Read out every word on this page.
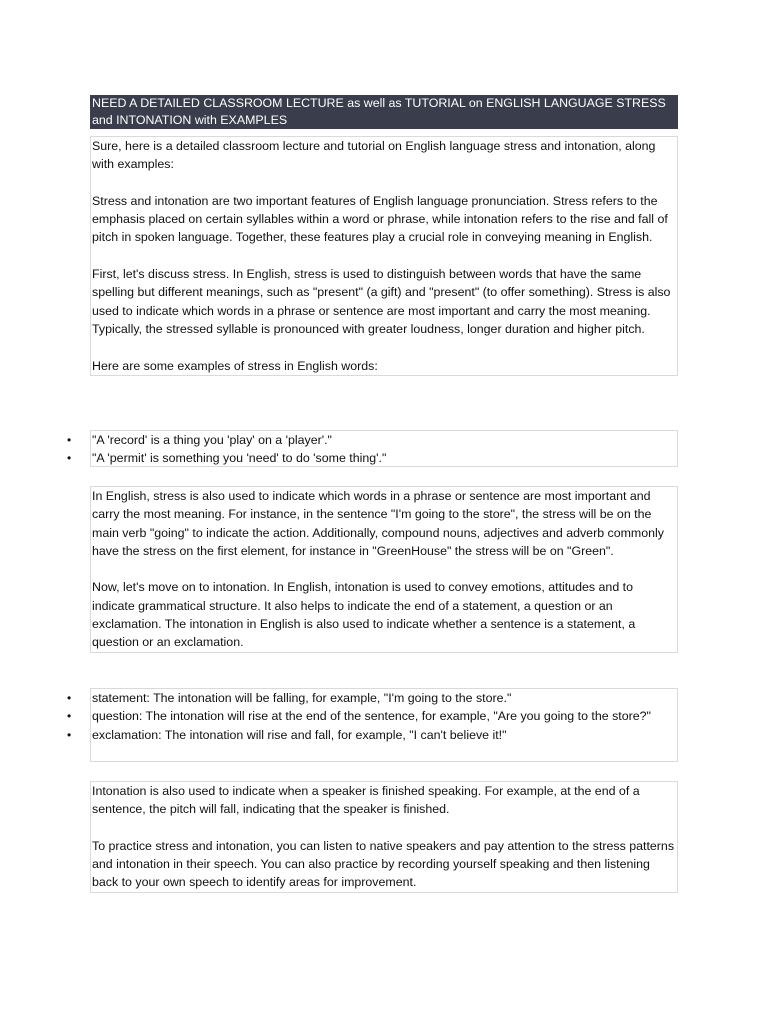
NEED A DETAILED CLASSROOM LECTURE as well as TUTORIAL on ENGLISH LANGUAGE STRESS and INTONATION with EXAMPLES

Sure, here is a detailed classroom lecture and tutorial on English language stress and intonation, along with examples:

Stress and intonation are two important features of English language pronunciation. Stress refers to the emphasis placed on certain syllables within a word or phrase, while intonation refers to the rise and fall of pitch in spoken language. Together, these features play a crucial role in conveying meaning in English.

First, let's discuss stress. In English, stress is used to distinguish between words that have the same spelling but different meanings, such as "present" (a gift) and "present" (to offer something). Stress is also used to indicate which words in a phrase or sentence are most important and carry the most meaning. Typically, the stressed syllable is pronounced with greater loudness, longer duration and higher pitch.

Here are some examples of stress in English words:

• "A 'record' is a thing you 'play' on a 'player'."
• "A 'permit' is something you 'need' to do 'some thing'."

In English, stress is also used to indicate which words in a phrase or sentence are most important and carry the most meaning. For instance, in the sentence "I'm going to the store", the stress will be on the main verb "going" to indicate the action. Additionally, compound nouns, adjectives and adverb commonly have the stress on the first element, for instance in "GreenHouse" the stress will be on "Green".

Now, let's move on to intonation. In English, intonation is used to convey emotions, attitudes and to indicate grammatical structure. It also helps to indicate the end of a statement, a question or an exclamation. The intonation in English is also used to indicate whether a sentence is a statement, a question or an exclamation.

• statement: The intonation will be falling, for example, "I'm going to the store."
• question: The intonation will rise at the end of the sentence, for example, "Are you going to the store?"
• exclamation: The intonation will rise and fall, for example, "I can't believe it!"

Intonation is also used to indicate when a speaker is finished speaking. For example, at the end of a sentence, the pitch will fall, indicating that the speaker is finished.

To practice stress and intonation, you can listen to native speakers and pay attention to the stress patterns and intonation in their speech. You can also practice by recording yourself speaking and then listening back to your own speech to identify areas for improvement.
